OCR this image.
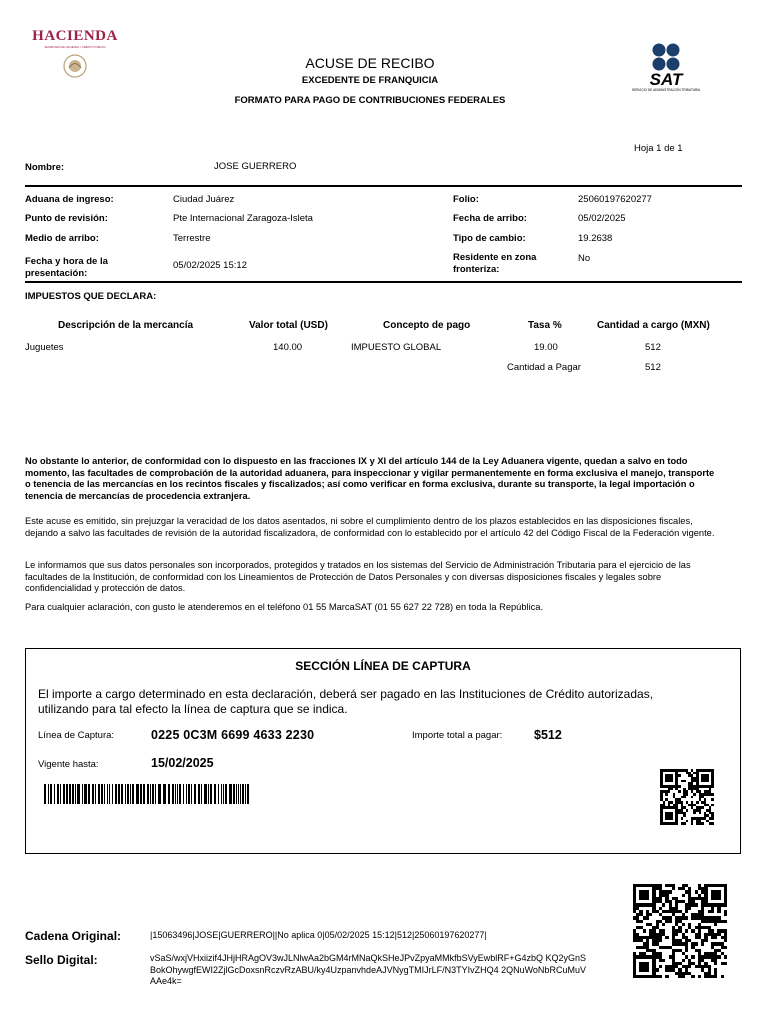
HACIENDA
SECRETARÍA DE HACIENDA Y CRÉDITO PÚBLICO
ACUSE DE RECIBO
EXCEDENTE DE FRANQUICIA
FORMATO PARA PAGO DE CONTRIBUCIONES FEDERALES
SAT
SERVICIO DE ADMINISTRACIÓN TRIBUTARIA
Hoja 1 de 1
Nombre:	JOSE GUERRERO
Aduana de ingreso:	Ciudad Juárez
Punto de revisión:	Pte Internacional Zaragoza-Isleta
Medio de arribo:	Terrestre
Fecha y hora de la presentación:
05/02/2025 15:12
Folio:	25060197620277
Fecha de arribo:	05/02/2025
Tipo de cambio:	19.2638
Residente en zona fronteriza:
No
IMPUESTOS QUE DECLARA:
Descripción de la mercancía	Valor total (USD)	Concepto de pago	Tasa %	Cantidad a cargo (MXN)
Juguetes	140.00	IMPUESTO GLOBAL	19.00	512
Cantidad a Pagar	512
No obstante lo anterior, de conformidad con lo dispuesto en las fracciones IX y XI del artículo 144 de la Ley Aduanera vigente, quedan a salvo en todo momento, las facultades de comprobación de la autoridad aduanera, para inspeccionar y vigilar permanentemente en forma exclusiva el manejo, transporte o tenencia de las mercancías en los recintos fiscales y fiscalizados; así como verificar en forma exclusiva, durante su transporte, la legal importación o tenencia de mercancías de procedencia extranjera.
Este acuse es emitido, sin prejuzgar la veracidad de los datos asentados, ni sobre el cumplimiento dentro de los plazos establecidos en las disposiciones fiscales, dejando a salvo las facultades de revisión de la autoridad fiscalizadora, de conformidad con lo establecido por el artículo 42 del Código Fiscal de la Federación vigente.
Le informamos que sus datos personales son incorporados, protegidos y tratados en los sistemas del Servicio de Administración Tributaria para el ejercicio de las facultades de la Institución, de conformidad con los Lineamientos de Protección de Datos Personales y con diversas disposiciones fiscales y legales sobre confidencialidad y protección de datos.
Para cualquier aclaración, con gusto le atenderemos en el teléfono 01 55 MarcaSAT (01 55 627 22 728) en toda la República.
SECCIÓN LÍNEA DE CAPTURA
El importe a cargo determinado en esta declaración, deberá ser pagado en las Instituciones de Crédito autorizadas, utilizando para tal efecto la línea de captura que se indica.
Línea de Captura:	0225 0C3M 6699 4633 2230	Importe total a pagar:	$512
Vigente hasta:	15/02/2025
Cadena Original:	|15063496|JOSE|GUERRERO||No aplica 0|05/02/2025 15:12|512|25060197620277|
Sello Digital:	vSaS/wxjVHxiizif4JHjHRAgOV3wJLNlwAa2bGM4rMNaQkSHeJPvZpyaMMkfbSVyEwblRF+G4zbQ KQ2yGnSBokOhywgfEWI2ZjlGcDoxsnRczvRzABU/ky4UzpanvhdeAJVNygTMIJrLF/N3TYIvZHQ4 2QNuWoNbRCuMuVAAe4k=
